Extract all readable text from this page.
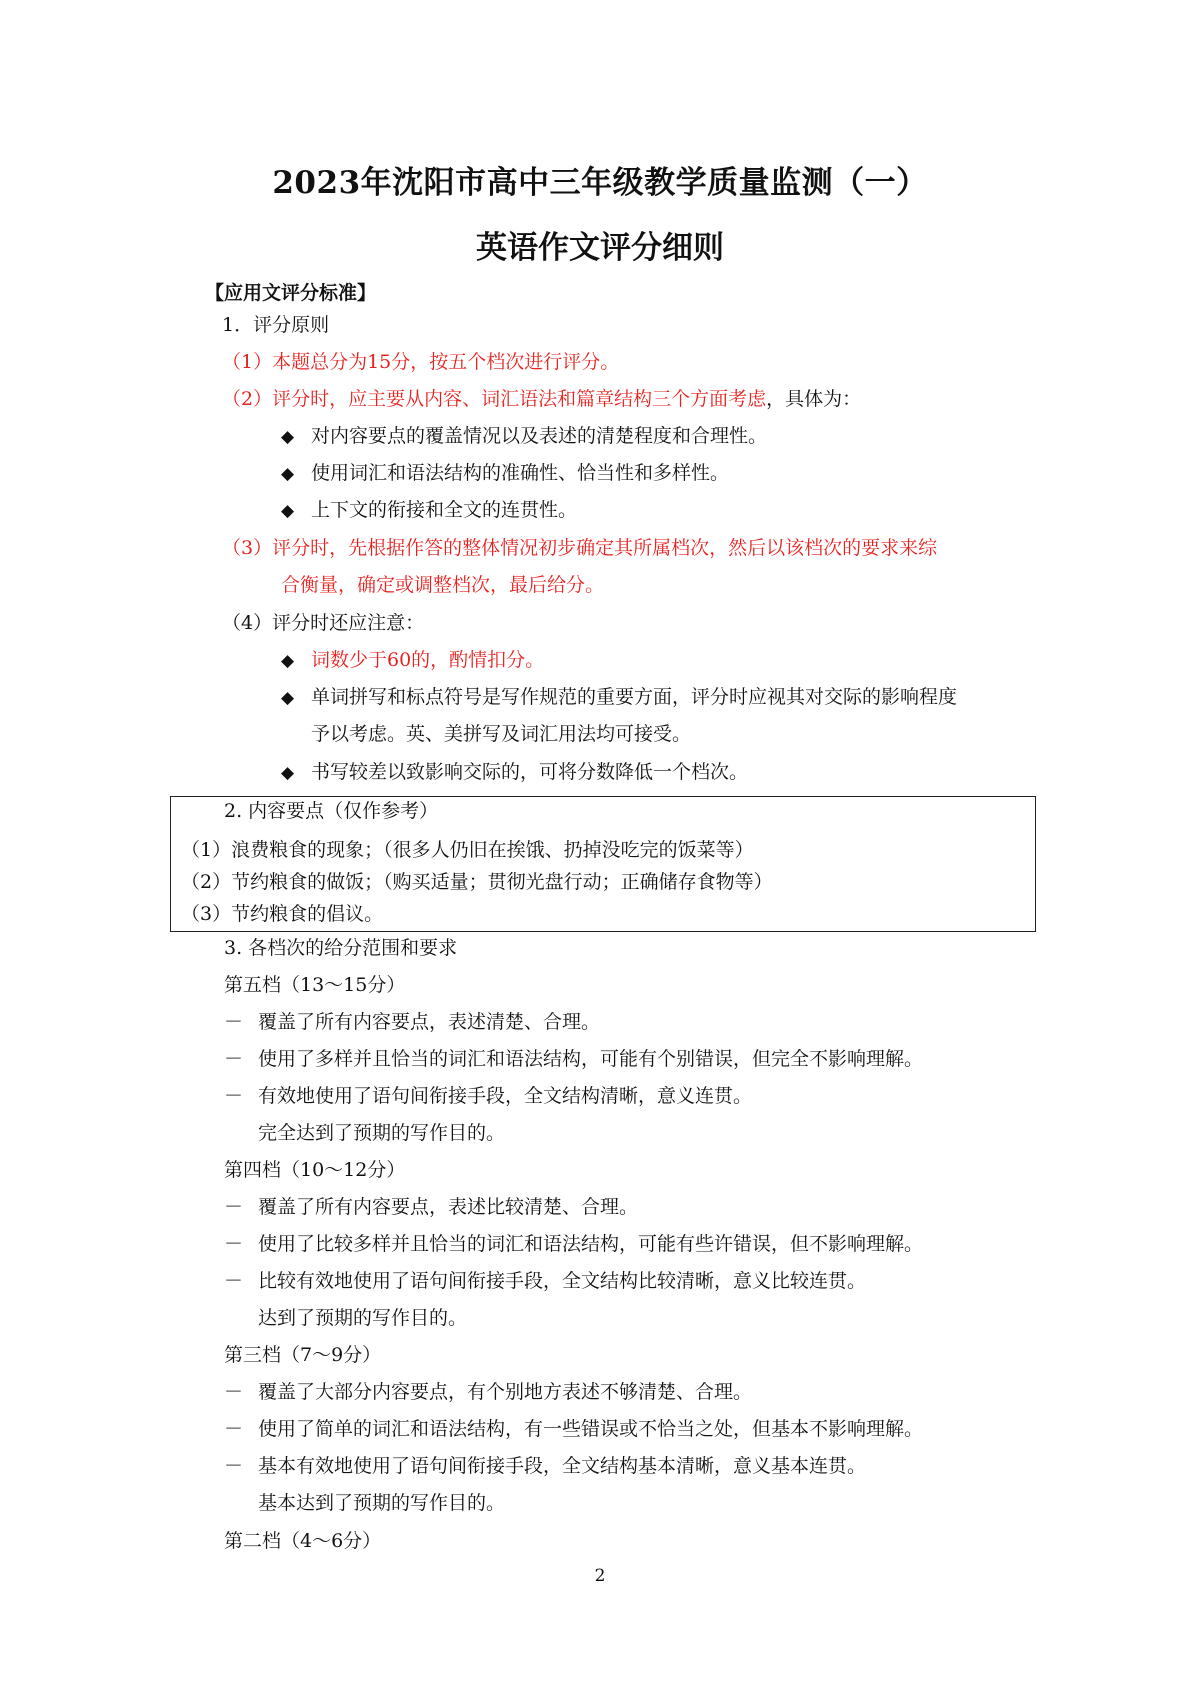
2023年沈阳市高中三年级教学质量监测（一）
英语作文评分细则
【应用文评分标准】
1．评分原则
（1）本题总分为15分，按五个档次进行评分。
（2）评分时，应主要从内容、词汇语法和篇章结构三个方面考虑，具体为：
◆ 对内容要点的覆盖情况以及表述的清楚程度和合理性。
◆ 使用词汇和语法结构的准确性、恰当性和多样性。
◆ 上下文的衔接和全文的连贯性。
（3）评分时，先根据作答的整体情况初步确定其所属档次，然后以该档次的要求来综
合衡量，确定或调整档次，最后给分。
（4）评分时还应注意：
◆ 词数少于60的，酌情扣分。
◆ 单词拼写和标点符号是写作规范的重要方面，评分时应视其对交际的影响程度
予以考虑。英、美拼写及词汇用法均可接受。
◆ 书写较差以致影响交际的，可将分数降低一个档次。
2. 内容要点（仅作参考）
（1）浪费粮食的现象；（很多人仍旧在挨饿、扔掉没吃完的饭菜等）
（2）节约粮食的做饭；（购买适量；贯彻光盘行动；正确储存食物等）
（3）节约粮食的倡议。
3. 各档次的给分范围和要求
第五档（13～15分）
－ 覆盖了所有内容要点，表述清楚、合理。
－ 使用了多样并且恰当的词汇和语法结构，可能有个别错误，但完全不影响理解。
－ 有效地使用了语句间衔接手段，全文结构清晰，意义连贯。
完全达到了预期的写作目的。
第四档（10～12分）
－ 覆盖了所有内容要点，表述比较清楚、合理。
－ 使用了比较多样并且恰当的词汇和语法结构，可能有些许错误，但不影响理解。
－ 比较有效地使用了语句间衔接手段，全文结构比较清晰，意义比较连贯。
达到了预期的写作目的。
第三档（7～9分）
－ 覆盖了大部分内容要点，有个别地方表述不够清楚、合理。
－ 使用了简单的词汇和语法结构，有一些错误或不恰当之处，但基本不影响理解。
－ 基本有效地使用了语句间衔接手段，全文结构基本清晰，意义基本连贯。
基本达到了预期的写作目的。
第二档（4～6分）
2
